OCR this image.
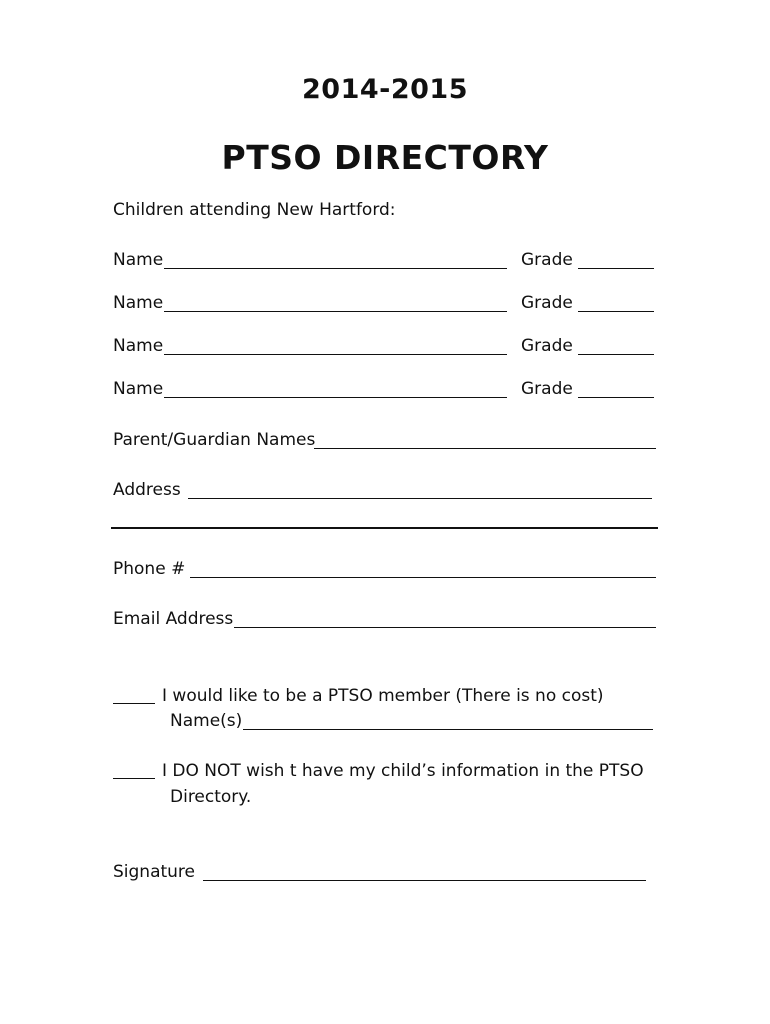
2014-2015
PTSO DIRECTORY
Children attending New Hartford:
Name	Grade
Name	Grade
Name	Grade
Name	Grade
Parent/Guardian Names
Address
Phone #
Email Address
I would like to be a PTSO member (There is no cost)
Name(s)
I DO NOT wish t have my child’s information in the PTSO
Directory.
Signature
